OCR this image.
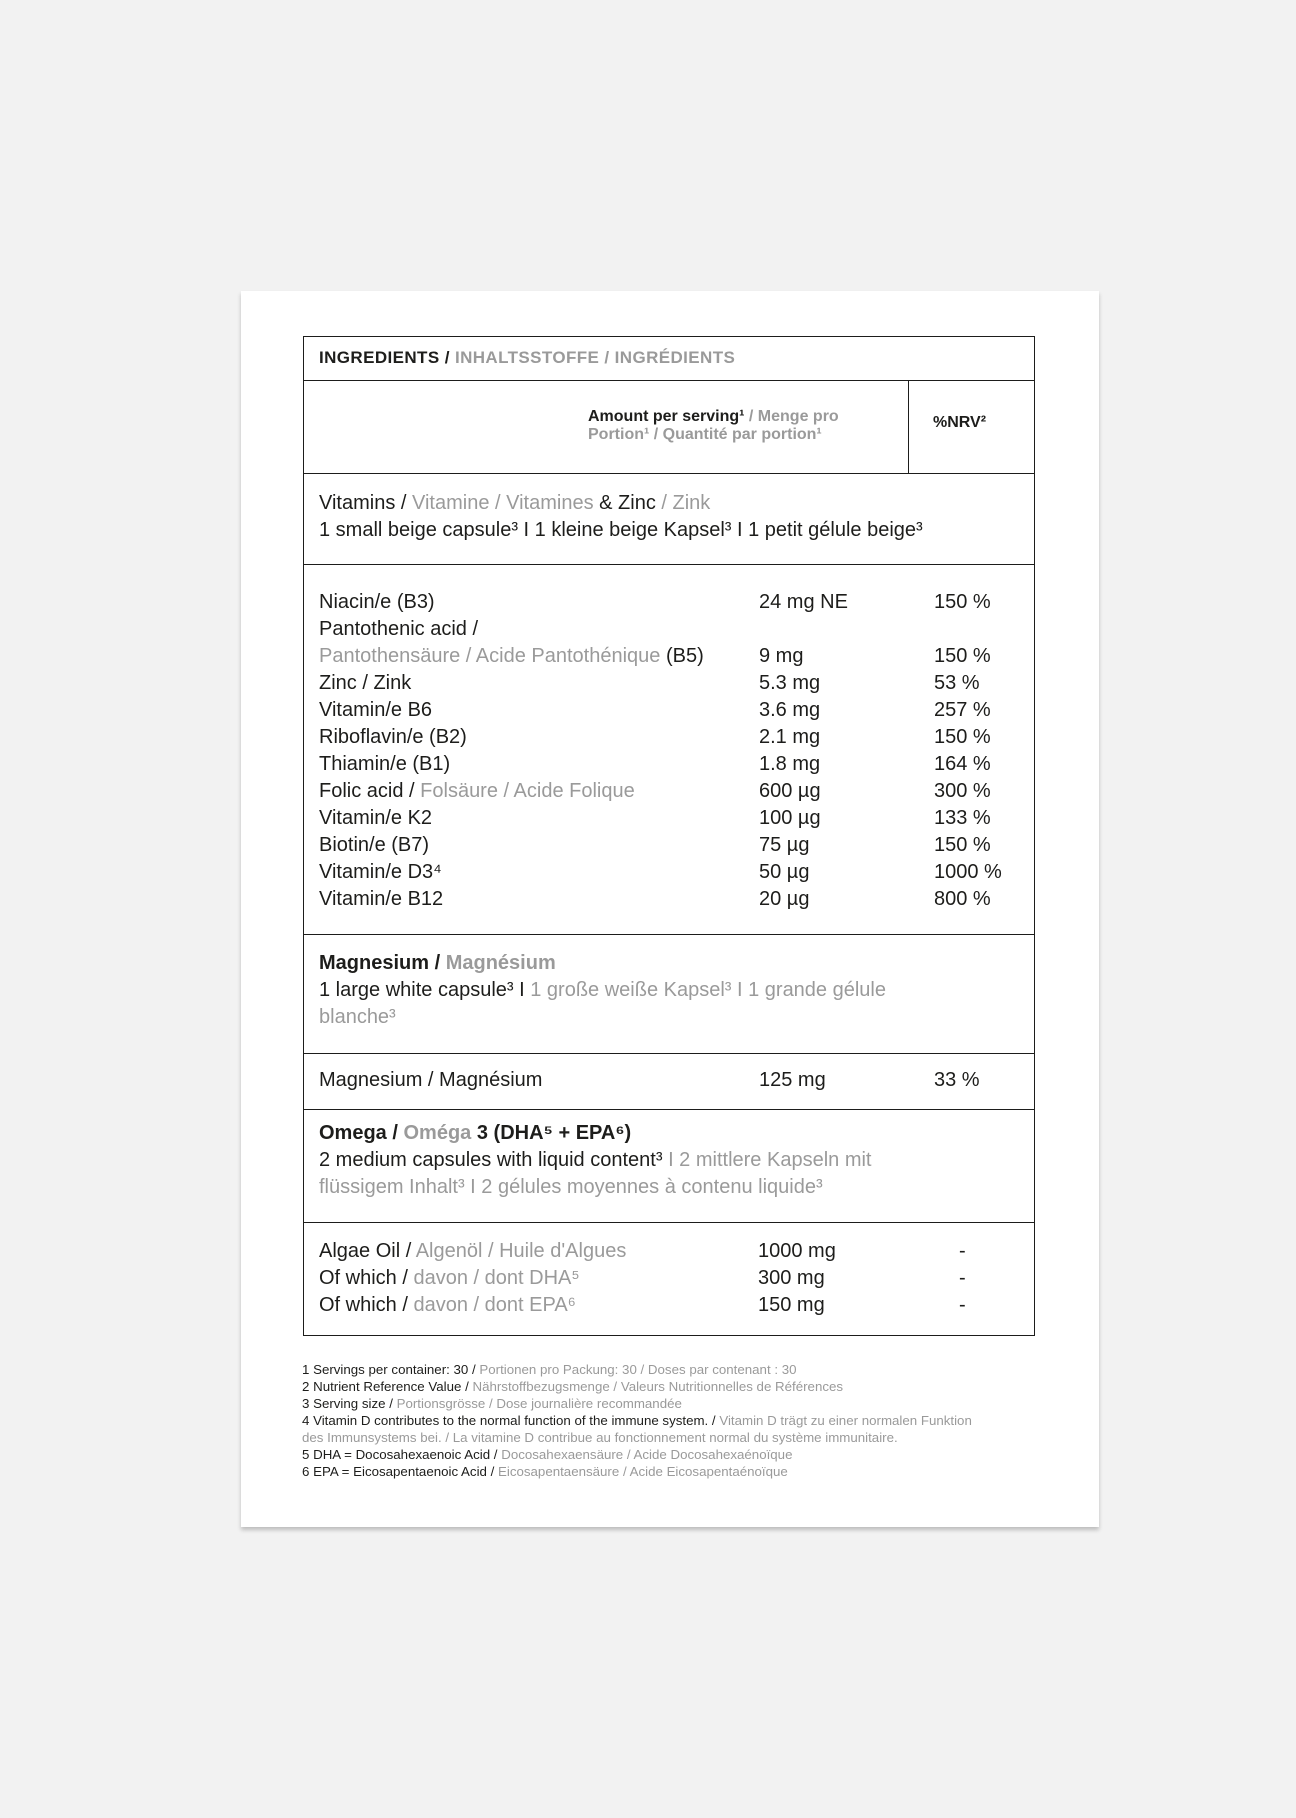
INGREDIENTS / INHALTSSTOFFE / INGRÉDIENTS
Amount per serving¹ / Menge pro Portion¹ / Quantité par portion¹
%NRV²
Vitamins / Vitamine / Vitamines & Zinc / Zink
1 small beige capsule³ I 1 kleine beige Kapsel³ I 1 petit gélule beige³
Niacin/e (B3)	24 mg NE	150 %
Pantothenic acid /
Pantothensäure / Acide Pantothénique (B5)	9 mg	150 %
Zinc / Zink	5.3 mg	53 %
Vitamin/e B6	3.6 mg	257 %
Riboflavin/e (B2)	2.1 mg	150 %
Thiamin/e (B1)	1.8 mg	164 %
Folic acid / Folsäure / Acide Folique	600 µg	300 %
Vitamin/e K2	100 µg	133 %
Biotin/e (B7)	75 µg	150 %
Vitamin/e D3⁴	50 µg	1000 %
Vitamin/e B12	20 µg	800 %
Magnesium / Magnésium
1 large white capsule³ I 1 große weiße Kapsel³ I 1 grande gélule blanche³
Magnesium / Magnésium	125 mg	33 %
Omega / Oméga 3 (DHA⁵ + EPA⁶)
2 medium capsules with liquid content³ I 2 mittlere Kapseln mit flüssigem Inhalt³ I 2 gélules moyennes à contenu liquide³
Algae Oil / Algenöl / Huile d'Algues	1000 mg	-
Of which / davon / dont DHA⁵	300 mg	-
Of which / davon / dont EPA⁶	150 mg	-
1 Servings per container: 30 / Portionen pro Packung: 30 / Doses par contenant : 30
2 Nutrient Reference Value / Nährstoffbezugsmenge / Valeurs Nutritionnelles de Références
3 Serving size / Portionsgrösse / Dose journalière recommandée
4 Vitamin D contributes to the normal function of the immune system. / Vitamin D trägt zu einer normalen Funktion
des Immunsystems bei. / La vitamine D contribue au fonctionnement normal du système immunitaire.
5 DHA = Docosahexaenoic Acid / Docosahexaensäure / Acide Docosahexaénoïque
6 EPA = Eicosapentaenoic Acid / Eicosapentaensäure / Acide Eicosapentaénoïque
